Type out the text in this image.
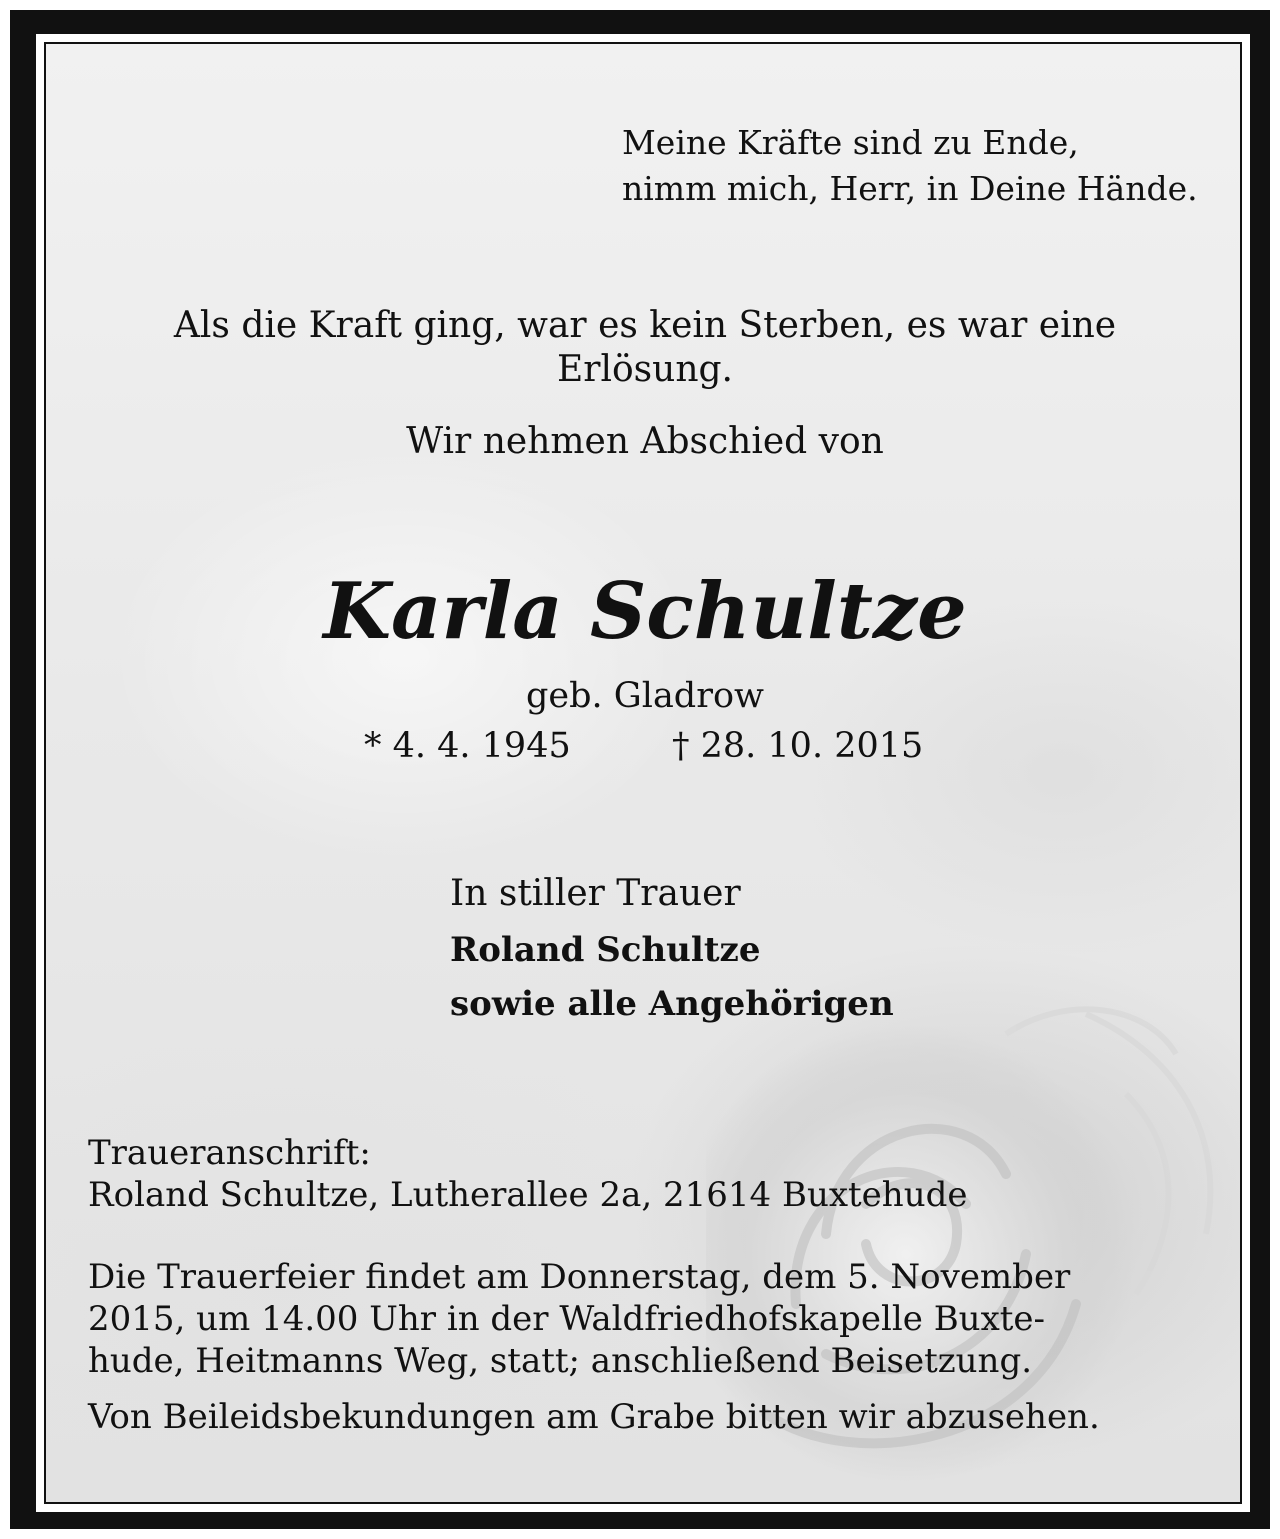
Meine Kräfte sind zu Ende,
nimm mich, Herr, in Deine Hände.

Als die Kraft ging, war es kein Sterben, es war eine
Erlösung.

Wir nehmen Abschied von

Karla Schultze

geb. Gladrow

* 4. 4. 1945	† 28. 10. 2015

In stiller Trauer

Roland Schultze

sowie alle Angehörigen

Traueranschrift:

Roland Schultze, Lutherallee 2a, 21614 Buxtehude

Die Trauerfeier findet am Donnerstag, dem 5. November
2015, um 14.00 Uhr in der Waldfriedhofskapelle Buxte-
hude, Heitmanns Weg, statt; anschließend Beisetzung.

Von Beileidsbekundungen am Grabe bitten wir abzusehen.
